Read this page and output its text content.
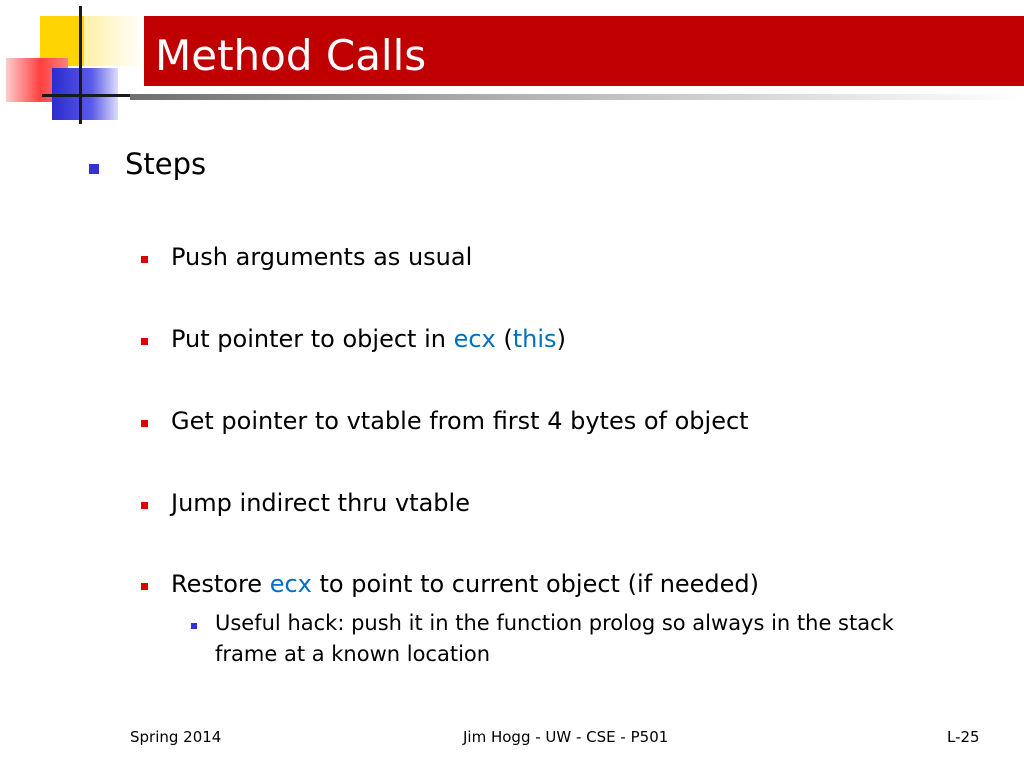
Method Calls
Steps
Push arguments as usual
Put pointer to object in ecx (this)
Get pointer to vtable from first 4 bytes of object
Jump indirect thru vtable
Restore ecx to point to current object (if needed)
Useful hack: push it in the function prolog so always in the stack frame at a known location
Spring 2014	Jim Hogg - UW - CSE - P501	L-25
